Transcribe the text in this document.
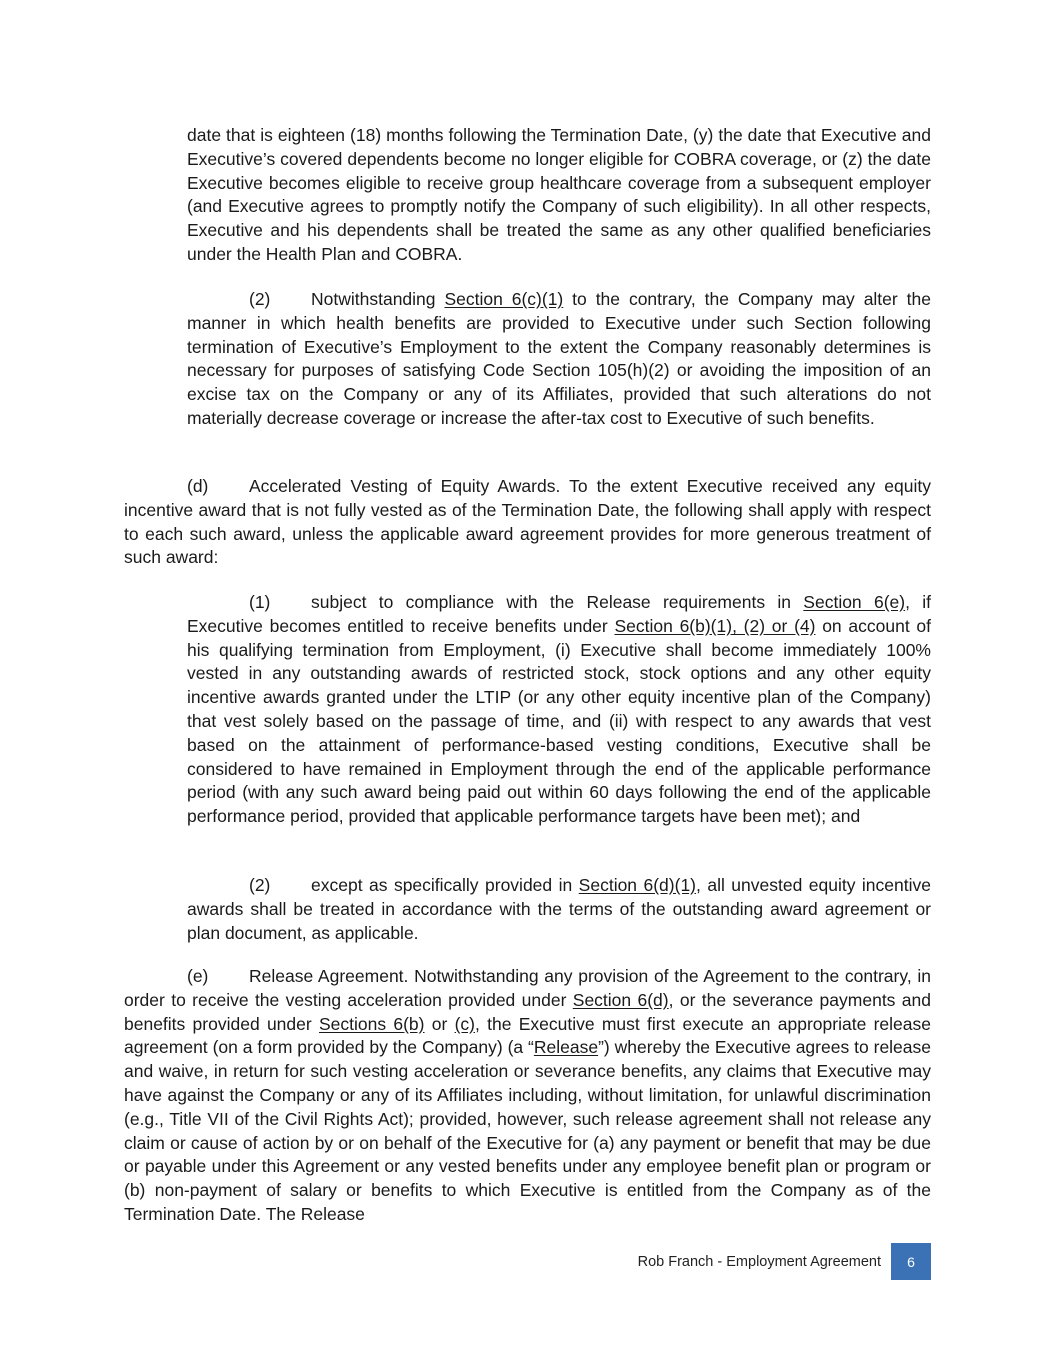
date that is eighteen (18) months following the Termination Date, (y) the date that Executive and Executive’s covered dependents become no longer eligible for COBRA coverage, or (z) the date Executive becomes eligible to receive group healthcare coverage from a subsequent employer (and Executive agrees to promptly notify the Company of such eligibility). In all other respects, Executive and his dependents shall be treated the same as any other qualified beneficiaries under the Health Plan and COBRA.

(2) Notwithstanding Section 6(c)(1) to the contrary, the Company may alter the manner in which health benefits are provided to Executive under such Section following termination of Executive’s Employment to the extent the Company reasonably determines is necessary for purposes of satisfying Code Section 105(h)(2) or avoiding the imposition of an excise tax on the Company or any of its Affiliates, provided that such alterations do not materially decrease coverage or increase the after-tax cost to Executive of such benefits.

(d) Accelerated Vesting of Equity Awards. To the extent Executive received any equity incentive award that is not fully vested as of the Termination Date, the following shall apply with respect to each such award, unless the applicable award agreement provides for more generous treatment of such award:

(1) subject to compliance with the Release requirements in Section 6(e), if Executive becomes entitled to receive benefits under Section 6(b)(1), (2) or (4) on account of his qualifying termination from Employment, (i) Executive shall become immediately 100% vested in any outstanding awards of restricted stock, stock options and any other equity incentive awards granted under the LTIP (or any other equity incentive plan of the Company) that vest solely based on the passage of time, and (ii) with respect to any awards that vest based on the attainment of performance-based vesting conditions, Executive shall be considered to have remained in Employment through the end of the applicable performance period (with any such award being paid out within 60 days following the end of the applicable performance period, provided that applicable performance targets have been met); and

(2) except as specifically provided in Section 6(d)(1), all unvested equity incentive awards shall be treated in accordance with the terms of the outstanding award agreement or plan document, as applicable.

(e) Release Agreement. Notwithstanding any provision of the Agreement to the contrary, in order to receive the vesting acceleration provided under Section 6(d), or the severance payments and benefits provided under Sections 6(b) or (c), the Executive must first execute an appropriate release agreement (on a form provided by the Company) (a “Release”) whereby the Executive agrees to release and waive, in return for such vesting acceleration or severance benefits, any claims that Executive may have against the Company or any of its Affiliates including, without limitation, for unlawful discrimination (e.g., Title VII of the Civil Rights Act); provided, however, such release agreement shall not release any claim or cause of action by or on behalf of the Executive for (a) any payment or benefit that may be due or payable under this Agreement or any vested benefits under any employee benefit plan or program or (b) non-payment of salary or benefits to which Executive is entitled from the Company as of the Termination Date. The Release

Rob Franch - Employment Agreement 6
